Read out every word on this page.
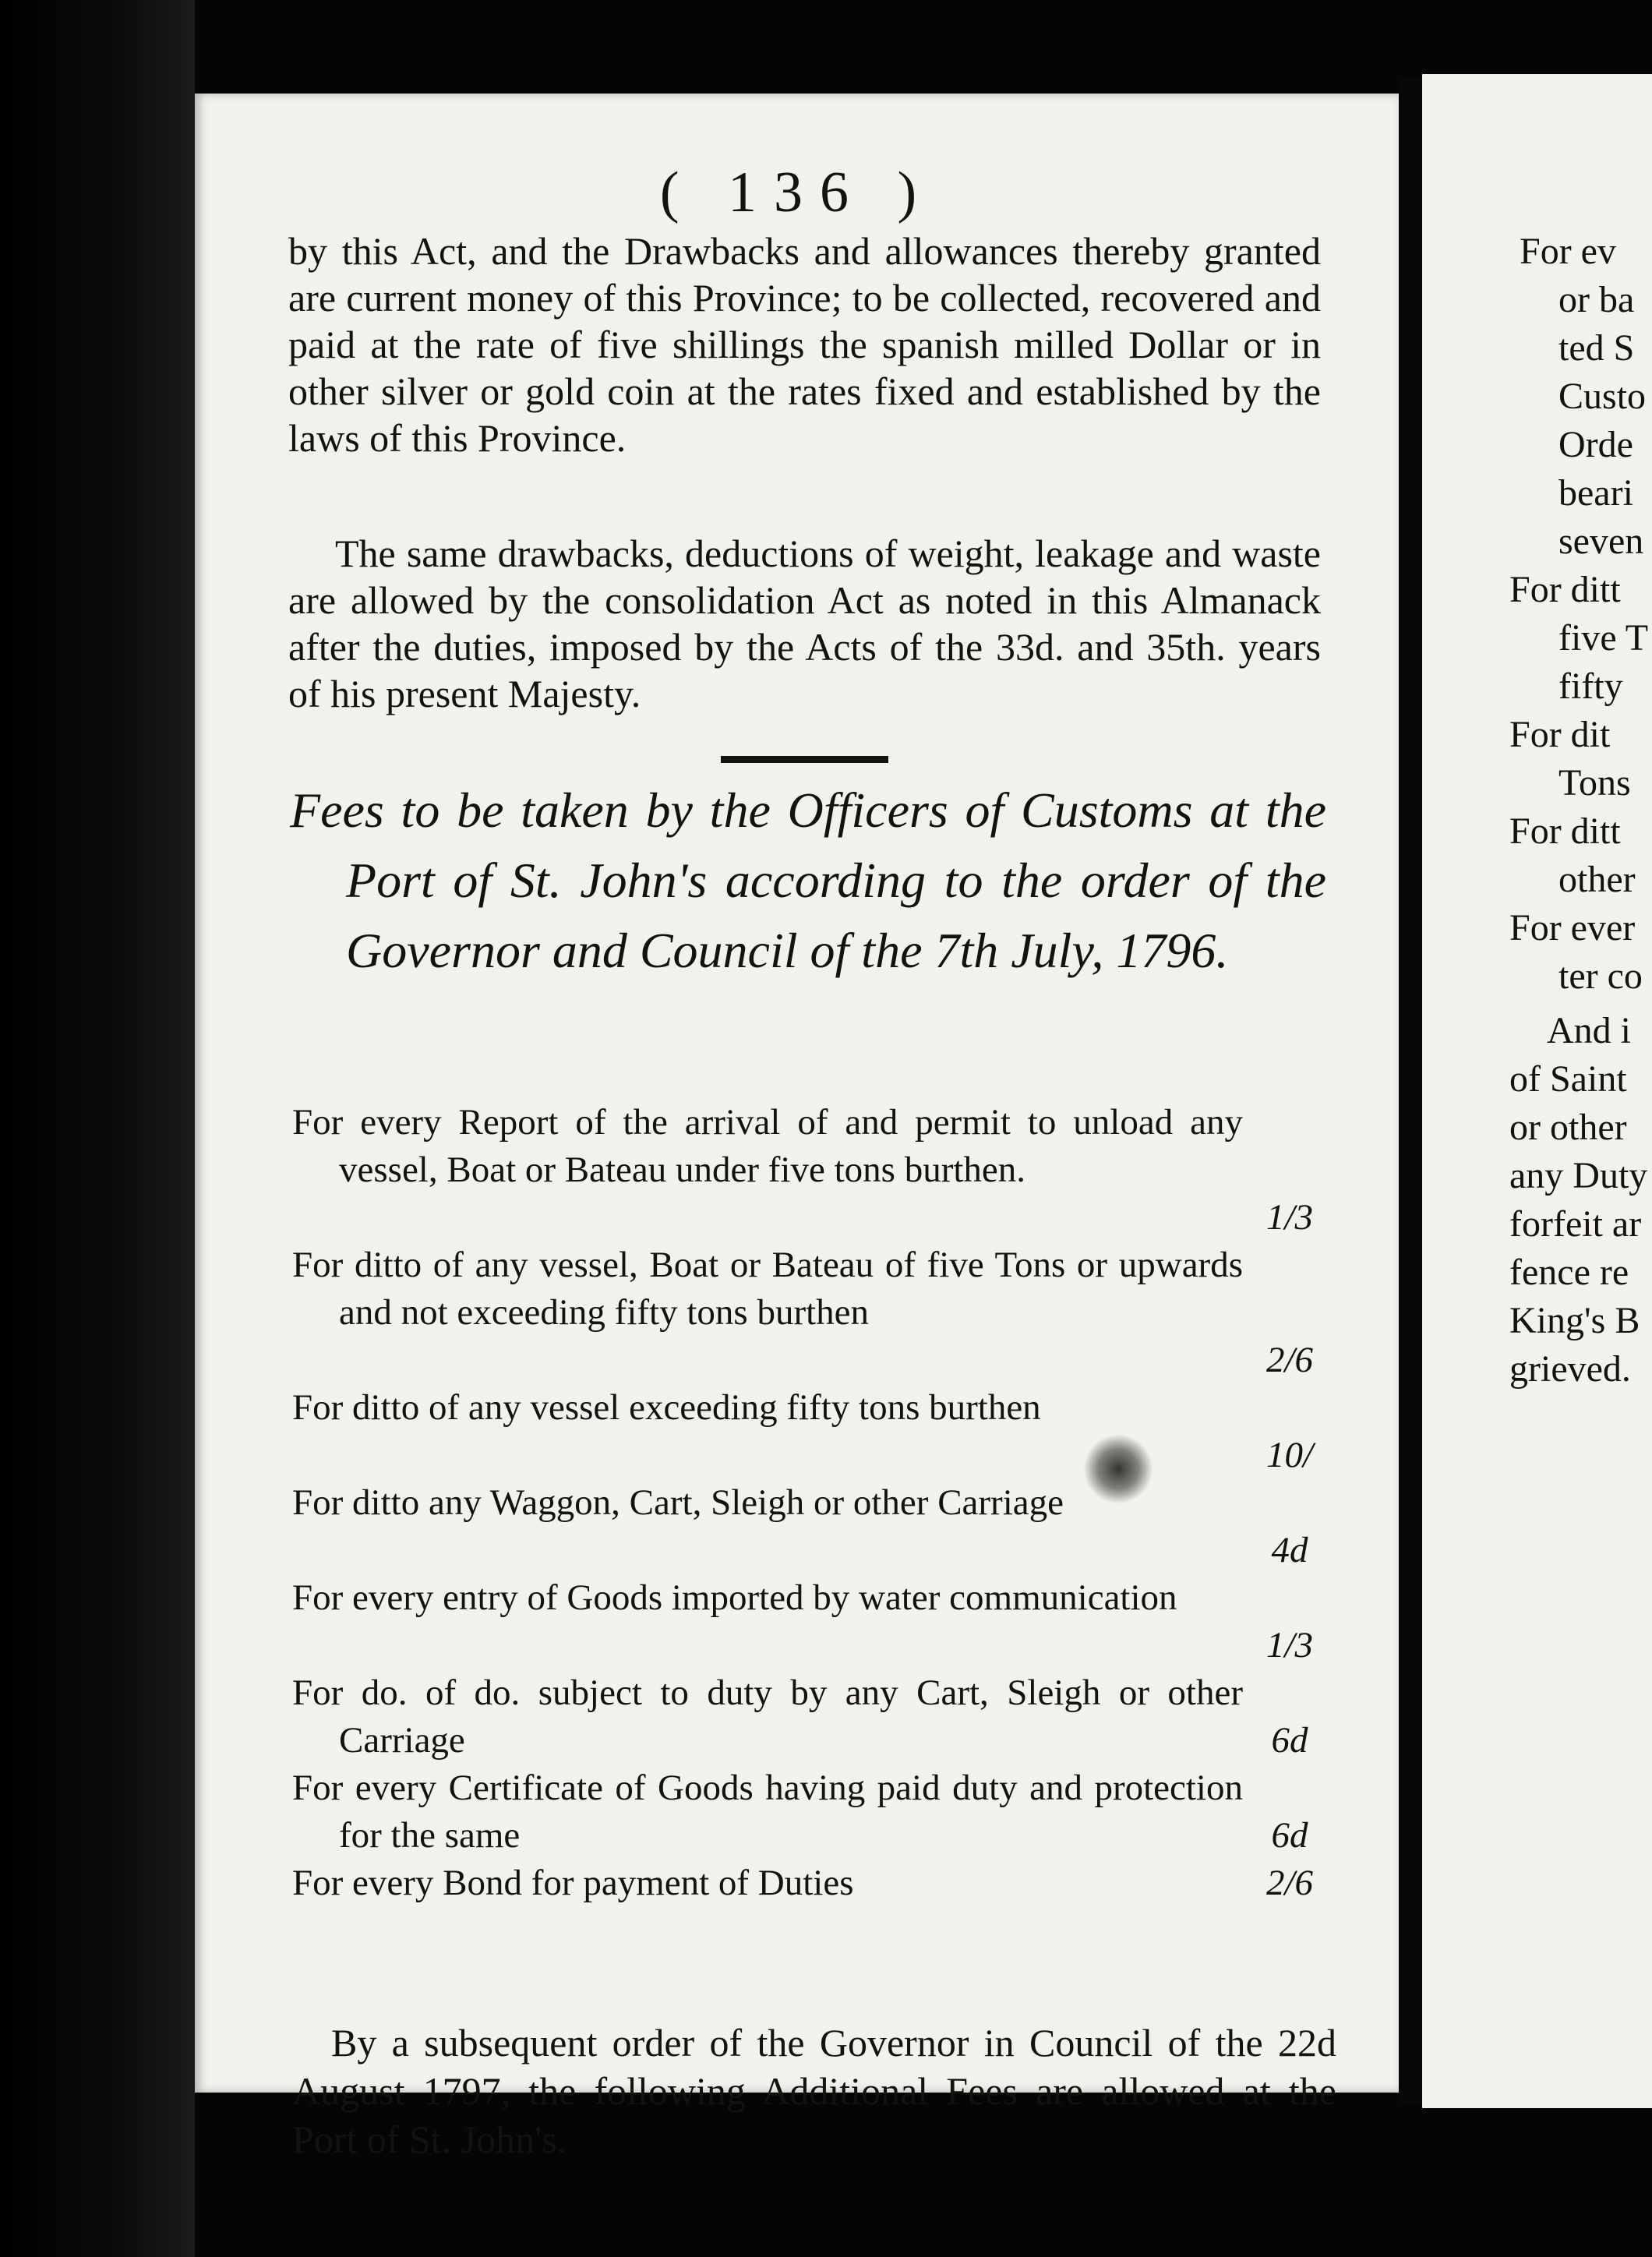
( 136 )

by this Act, and the Drawbacks and allowances thereby granted are current money of this Province; to be collected, recovered and paid at the rate of five shillings the spanish milled Dollar or in other silver or gold coin at the rates fixed and established by the laws of this Province.

The same drawbacks, deductions of weight, leakage and waste are allowed by the consolidation Act as noted in this Almanack after the duties, imposed by the Acts of the 33d. and 35th. years of his present Majesty.

Fees to be taken by the Officers of Customs at the Port of St. John's according to the order of the Governor and Council of the 7th July, 1796.
For every Report of the arrival of and permit to unload any vessel, Boat or Bateau under five tons burthen.
1/3
For ditto of any vessel, Boat or Bateau of five Tons or upwards and not exceeding fifty tons burthen
2/6
For ditto of any vessel exceeding fifty tons burthen
10/
For ditto any Waggon, Cart, Sleigh or other Carriage
4d
For every entry of Goods imported by water communication
1/3
For do. of do. subject to duty by any Cart, Sleigh or other Carriage	6d
For every Certificate of Goods having paid duty and protection for the same	6d
For every Bond for payment of Duties	2/6

By a subsequent order of the Governor in Council of the 22d August 1797, the following Additional Fees are allowed at the Port of St. John's.

For ev
or ba
ted S
Custo
Orde
beari
seven
For ditt
five T
fifty
For dit
Tons
For ditt
other
For ever
ter co
And i
of Saint
or other
any Duty
forfeit ar
fence re
King's B
grieved.
